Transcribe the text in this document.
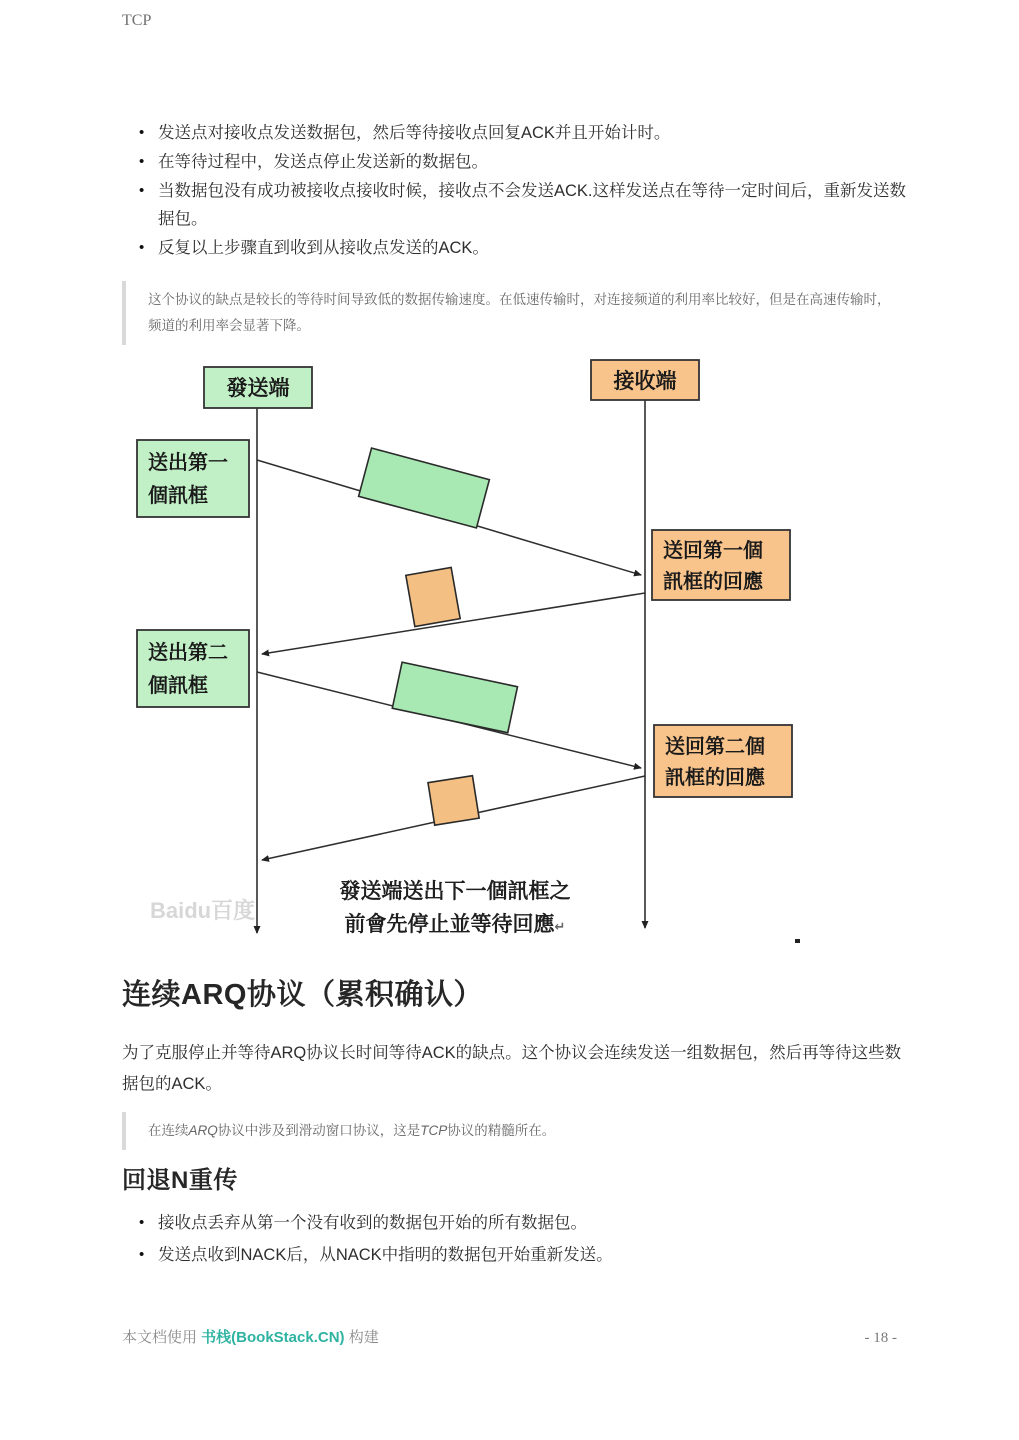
TCP
• 发送点对接收点发送数据包，然后等待接收点回复ACK并且开始计时。
• 在等待过程中，发送点停止发送新的数据包。
• 当数据包没有成功被接收点接收时候，接收点不会发送ACK.这样发送点在等待一定时间后，重新发送数据包。
• 反复以上步骤直到收到从接收点发送的ACK。
这个协议的缺点是较长的等待时间导致低的数据传输速度。在低速传输时，对连接频道的利用率比较好，但是在高速传输时，频道的利用率会显著下降。
發送端	接收端
送出第一
個訊框
送回第一個
訊框的回應
送出第二
個訊框
送回第二個
訊框的回應
發送端送出下一個訊框之
前會先停止並等待回應↵
Baidu百度
连续ARQ协议（累积确认）
为了克服停止并等待ARQ协议长时间等待ACK的缺点。这个协议会连续发送一组数据包，然后再等待这些数据包的ACK。
在连续ARQ协议中涉及到滑动窗口协议，这是TCP协议的精髓所在。
回退N重传
• 接收点丢弃从第一个没有收到的数据包开始的所有数据包。
• 发送点收到NACK后，从NACK中指明的数据包开始重新发送。
本文档使用 书栈(BookStack.CN) 构建	- 18 -
